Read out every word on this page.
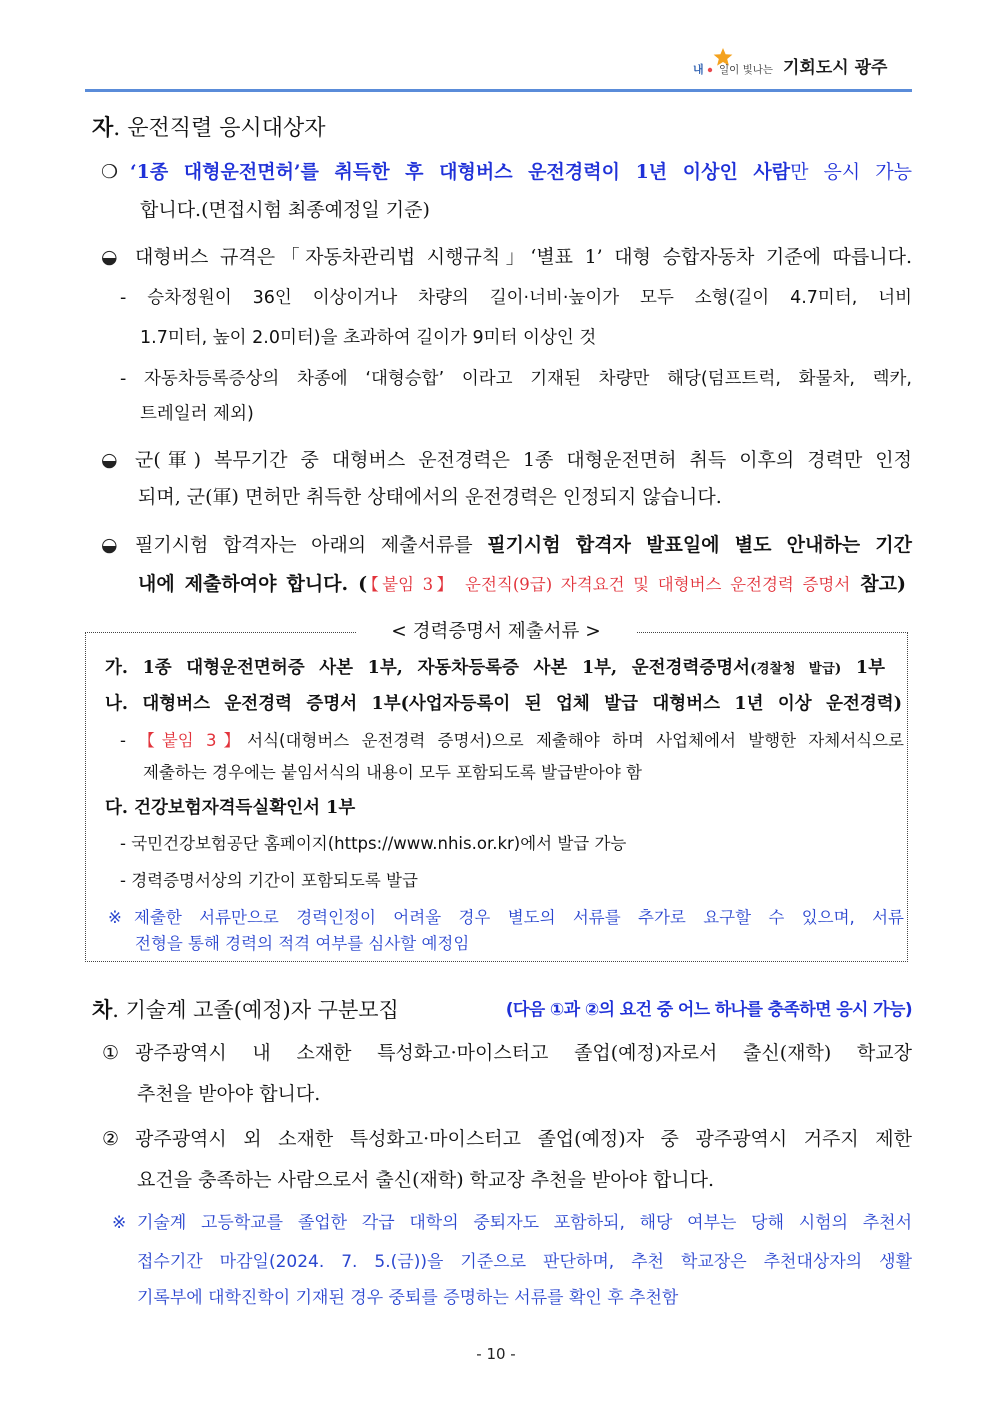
내 일이 빛나는 기회도시 광주
자. 운전직렬 응시대상자
❍ ‘1종 대형운전면허’를 취득한 후 대형버스 운전경력이 1년 이상인 사람만 응시 가능
합니다.(면접시험 최종예정일 기준)
◒ 대형버스 규격은「자동차관리법 시행규칙」‘별표 1’ 대형 승합자동차 기준에 따릅니다.
- 승차정원이 36인 이상이거나 차량의 길이·너비·높이가 모두 소형(길이 4.7미터, 너비
1.7미터, 높이 2.0미터)을 초과하여 길이가 9미터 이상인 것
- 자동차등록증상의 차종에 ‘대형승합’ 이라고 기재된 차량만 해당(덤프트럭, 화물차, 렉카,
트레일러 제외)
◒ 군(軍) 복무기간 중 대형버스 운전경력은 1종 대형운전면허 취득 이후의 경력만 인정
되며, 군(軍) 면허만 취득한 상태에서의 운전경력은 인정되지 않습니다.
◒ 필기시험 합격자는 아래의 제출서류를 필기시험 합격자 발표일에 별도 안내하는 기간
내에 제출하여야 합니다. (【붙임 3】 운전직(9급) 자격요건 및 대형버스 운전경력 증명서 참고)
< 경력증명서 제출서류 >
가. 1종 대형운전면허증 사본 1부, 자동차등록증 사본 1부, 운전경력증명서(경찰청 발급) 1부
나. 대형버스 운전경력 증명서 1부(사업자등록이 된 업체 발급 대형버스 1년 이상 운전경력)
- 【붙임 3】서식(대형버스 운전경력 증명서)으로 제출해야 하며 사업체에서 발행한 자체서식으로
제출하는 경우에는 붙임서식의 내용이 모두 포함되도록 발급받아야 함
다. 건강보험자격득실확인서 1부
- 국민건강보험공단 홈페이지(https://www.nhis.or.kr)에서 발급 가능
- 경력증명서상의 기간이 포함되도록 발급
※ 제출한 서류만으로 경력인정이 어려울 경우 별도의 서류를 추가로 요구할 수 있으며, 서류
전형을 통해 경력의 적격 여부를 심사할 예정임
차. 기술계 고졸(예정)자 구분모집	(다음 ①과 ②의 요건 중 어느 하나를 충족하면 응시 가능)
① 광주광역시 내 소재한 특성화고·마이스터고 졸업(예정)자로서 출신(재학) 학교장
추천을 받아야 합니다.
② 광주광역시 외 소재한 특성화고·마이스터고 졸업(예정)자 중 광주광역시 거주지 제한
요건을 충족하는 사람으로서 출신(재학) 학교장 추천을 받아야 합니다.
※ 기술계 고등학교를 졸업한 각급 대학의 중퇴자도 포함하되, 해당 여부는 당해 시험의 추천서
접수기간 마감일(2024. 7. 5.(금))을 기준으로 판단하며, 추천 학교장은 추천대상자의 생활
기록부에 대학진학이 기재된 경우 중퇴를 증명하는 서류를 확인 후 추천함
- 10 -
